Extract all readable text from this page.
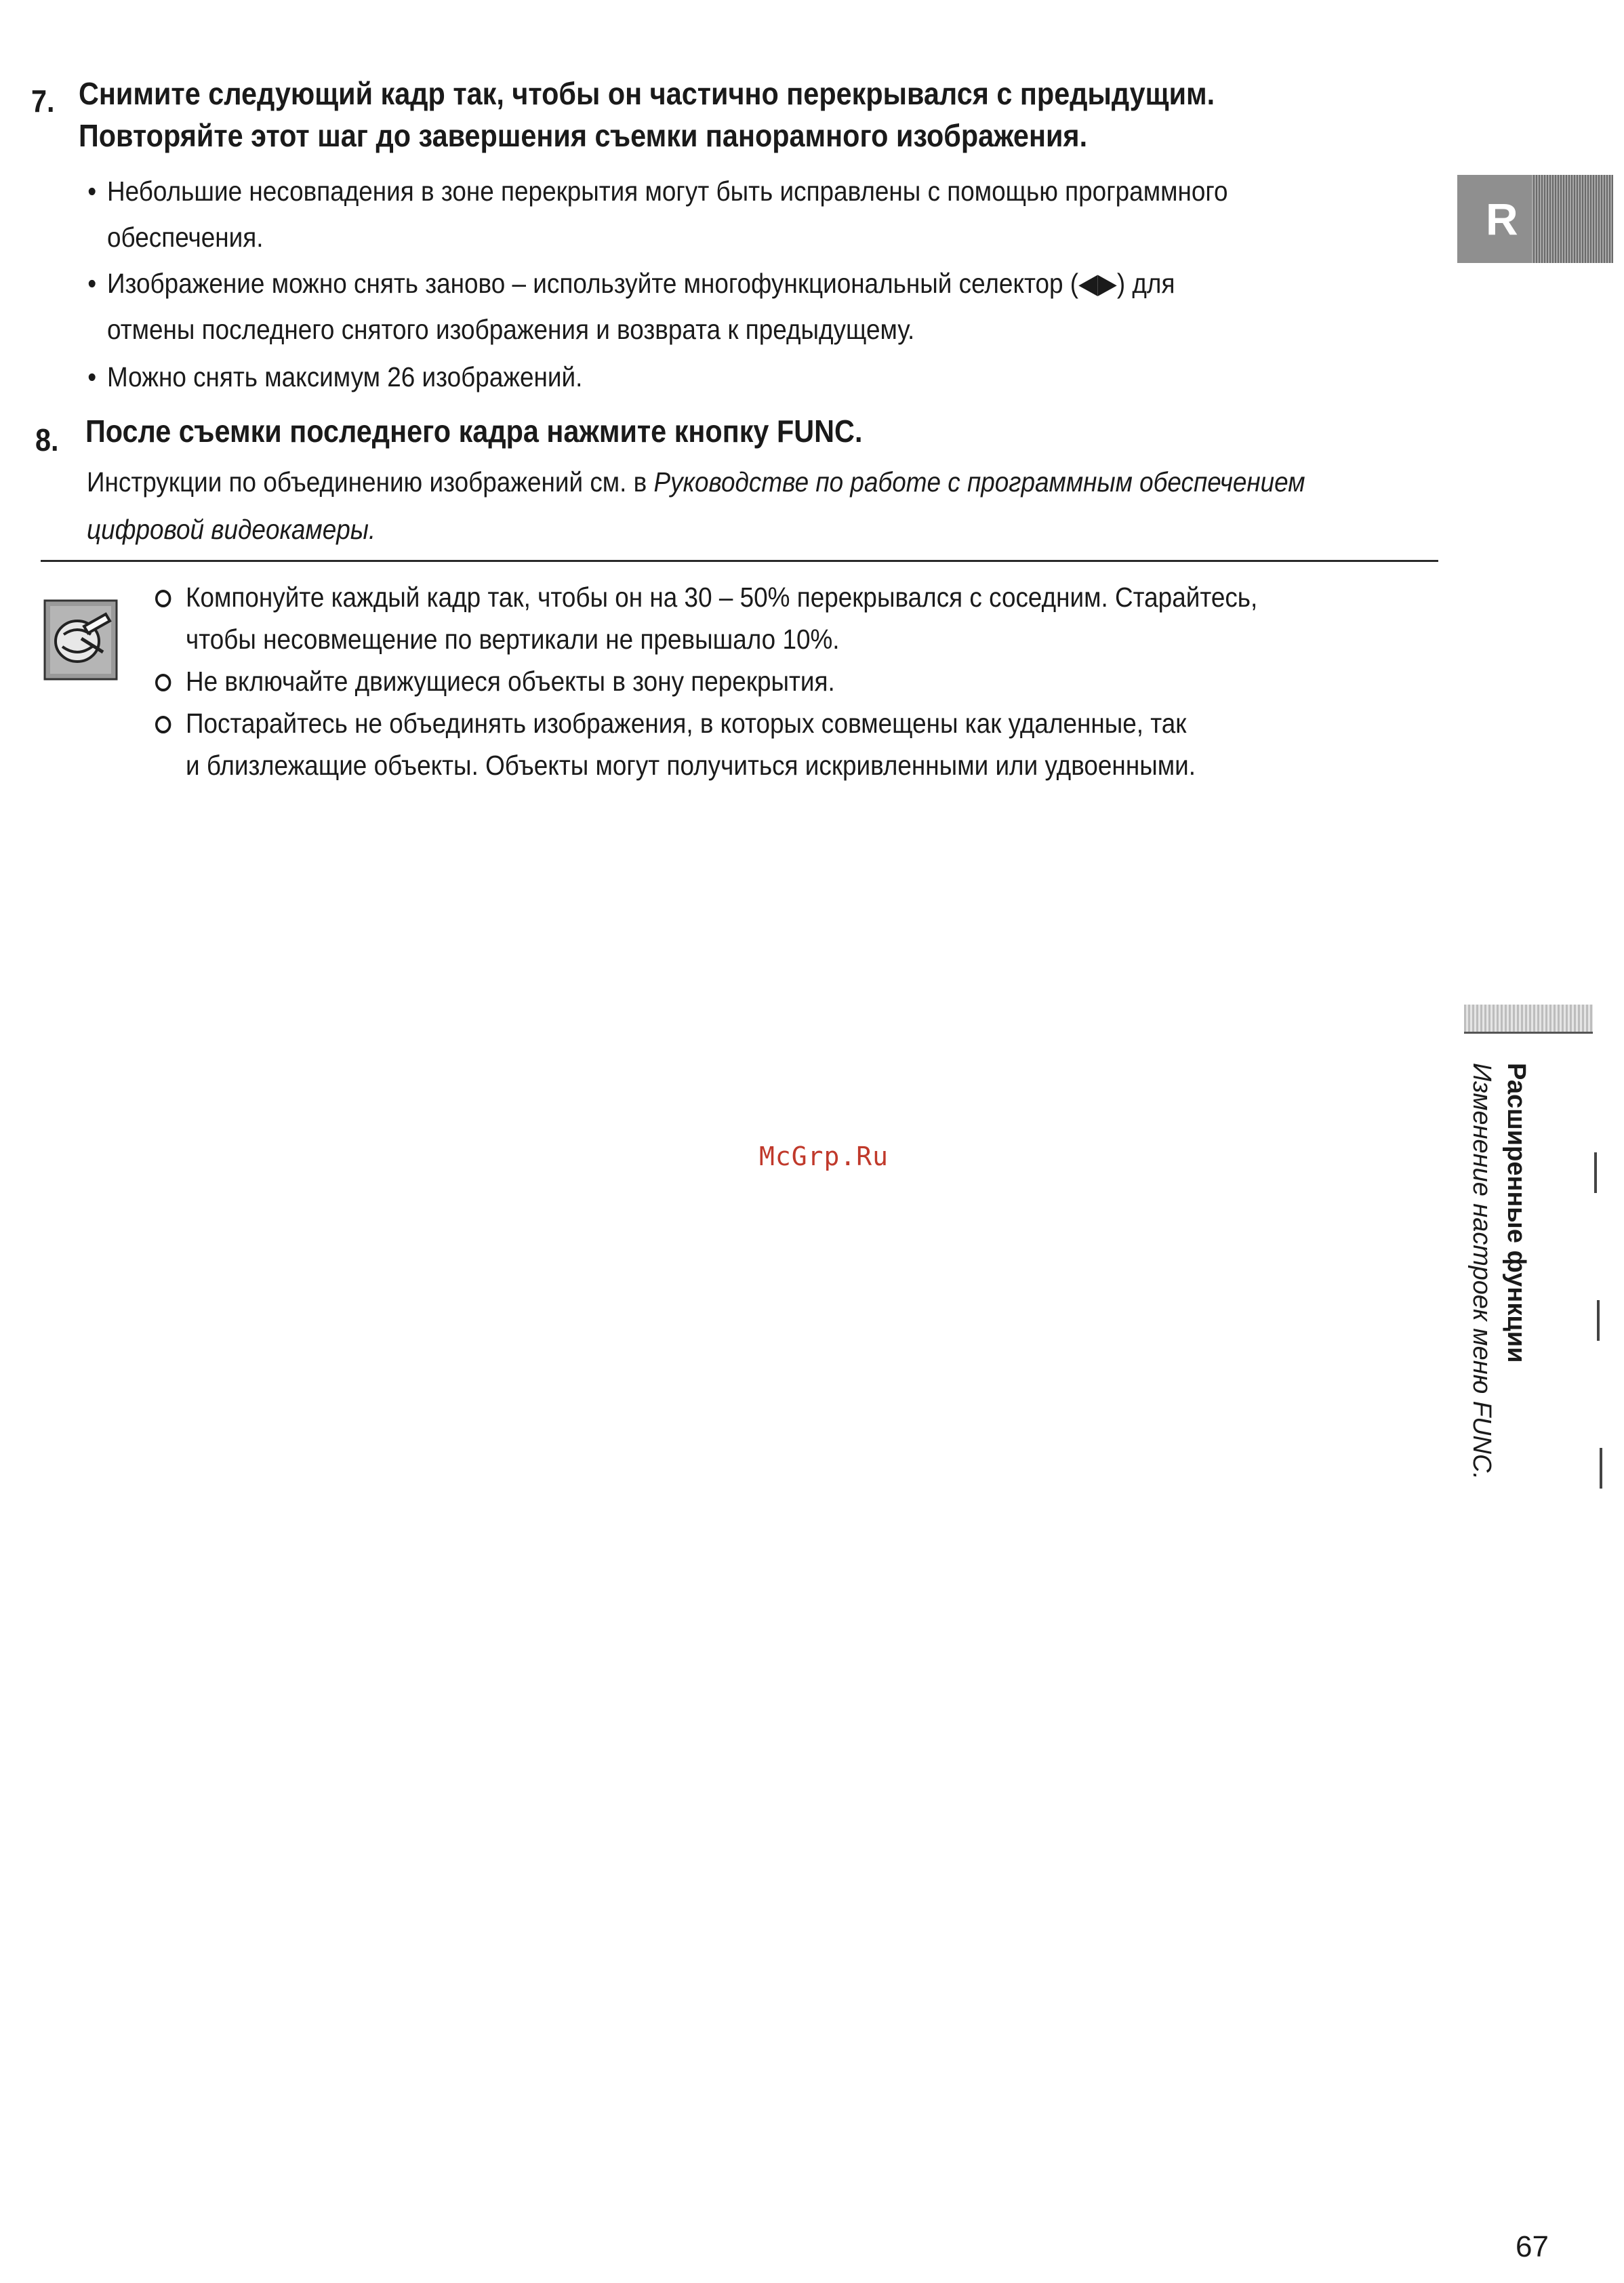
7. Снимите следующий кадр так, чтобы он частично перекрывался с предыдущим.
Повторяйте этот шаг до завершения съемки панорамного изображения.
• Небольшие несовпадения в зоне перекрытия могут быть исправлены с помощью программного
обеспечения.
• Изображение можно снять заново – используйте многофункциональный селектор (◀▶) для
отмены последнего снятого изображения и возврата к предыдущему.
• Можно снять максимум 26 изображений.
8. После съемки последнего кадра нажмите кнопку FUNC.
Инструкции по объединению изображений см. в Руководстве по работе с программным обеспечением
цифровой видеокамеры.
Компонуйте каждый кадр так, чтобы он на 30 – 50% перекрывался с соседним. Старайтесь,
чтобы несовмещение по вертикали не превышало 10%.
Не включайте движущиеся объекты в зону перекрытия.
Постарайтесь не объединять изображения, в которых совмещены как удаленные, так
и близлежащие объекты. Объекты могут получиться искривленными или удвоенными.
R
Расширенные функции
Изменение настроек меню FUNC.
McGrp.Ru
67
